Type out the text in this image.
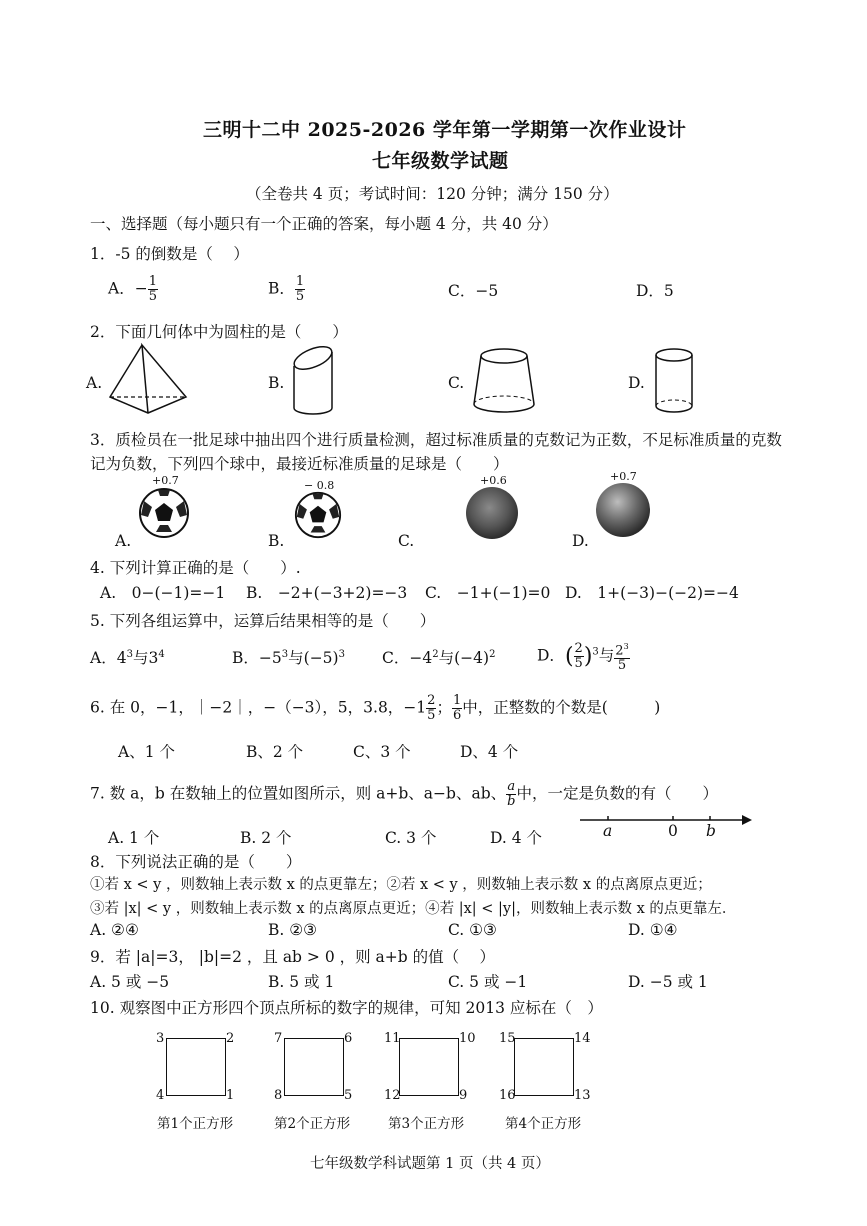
三明十二中 2025-2026 学年第一学期第一次作业设计
七年级数学试题
（全卷共 4 页；考试时间：120 分钟；满分 150 分）
一、选择题（每小题只有一个正确的答案，每小题 4 分，共 40 分）
1．-5 的倒数是（　 ）
A．− $\frac{1}{5}$	B． $\frac{1}{5}$	C．−5	D．5
2．下面几何体中为圆柱的是（　　）
A.	B.	C.	D.
3．质检员在一批足球中抽出四个进行质量检测，超过标准质量的克数记为正数，不足标准质量的克数
记为负数，下列四个球中，最接近标准质量的足球是（　　）
+0.7
A.
− 0.8
B.
+0.6
C.
+0.7
D.
4. 下列计算正确的是（　　）.
A.　0−(−1)=−1 B.　−2+(−3+2)=−3 C.　−1+(−1)=0 D.　1+(−3)−(−2)=−4
5. 下列各组运算中，运算后结果相等的是（　　）
A．$4^3$与$3^4$	B．$-5^3$与$(-5)^3$ C．$-4^2$与$(-4)^2$	D．( $\frac{2}{5} )^3$与 $\frac{2^3}{5}$
6. 在 0，−1，｜−2｜，−（−3），5，3.8，$-1 \frac{2}{5}$ ； $\frac{1}{6}$ 中，正整数的个数是(　　　)
A、1 个	B、2 个	C、3 个	D、4 个
7. 数 a，b 在数轴上的位置如图所示，则 a+b、a−b、ab、 $\frac{a}{b}$ 中，一定是负数的有（　　）
A. 1 个	B. 2 个	C. 3 个	D. 4 个	a	0 b
8．下列说法正确的是（　　）
①若 x < y ，则数轴上表示数 x 的点更靠左；②若 x < y ，则数轴上表示数 x 的点离原点更近；
③若 |x| < y ，则数轴上表示数 x 的点离原点更近；④若 |x| < |y|，则数轴上表示数 x 的点更靠左．
A. ②④	B. ②③	C. ①③	D. ①④
9．若 |a|=3， |b|=2 ，且 ab > 0 ，则 a+b 的值（　 ）
A. 5 或 −5	B. 5 或 1	C. 5 或 −1	D. −5 或 1
10. 观察图中正方形四个顶点所标的数字的规律，可知 2013 应标在（　）
3	2
4	1
第1个正方形
7	6
8	5
第2个正方形
11	10
12	9
第3个正方形
15	14
16	13
第4个正方形
七年级数学科试题第 1 页（共 4 页）
